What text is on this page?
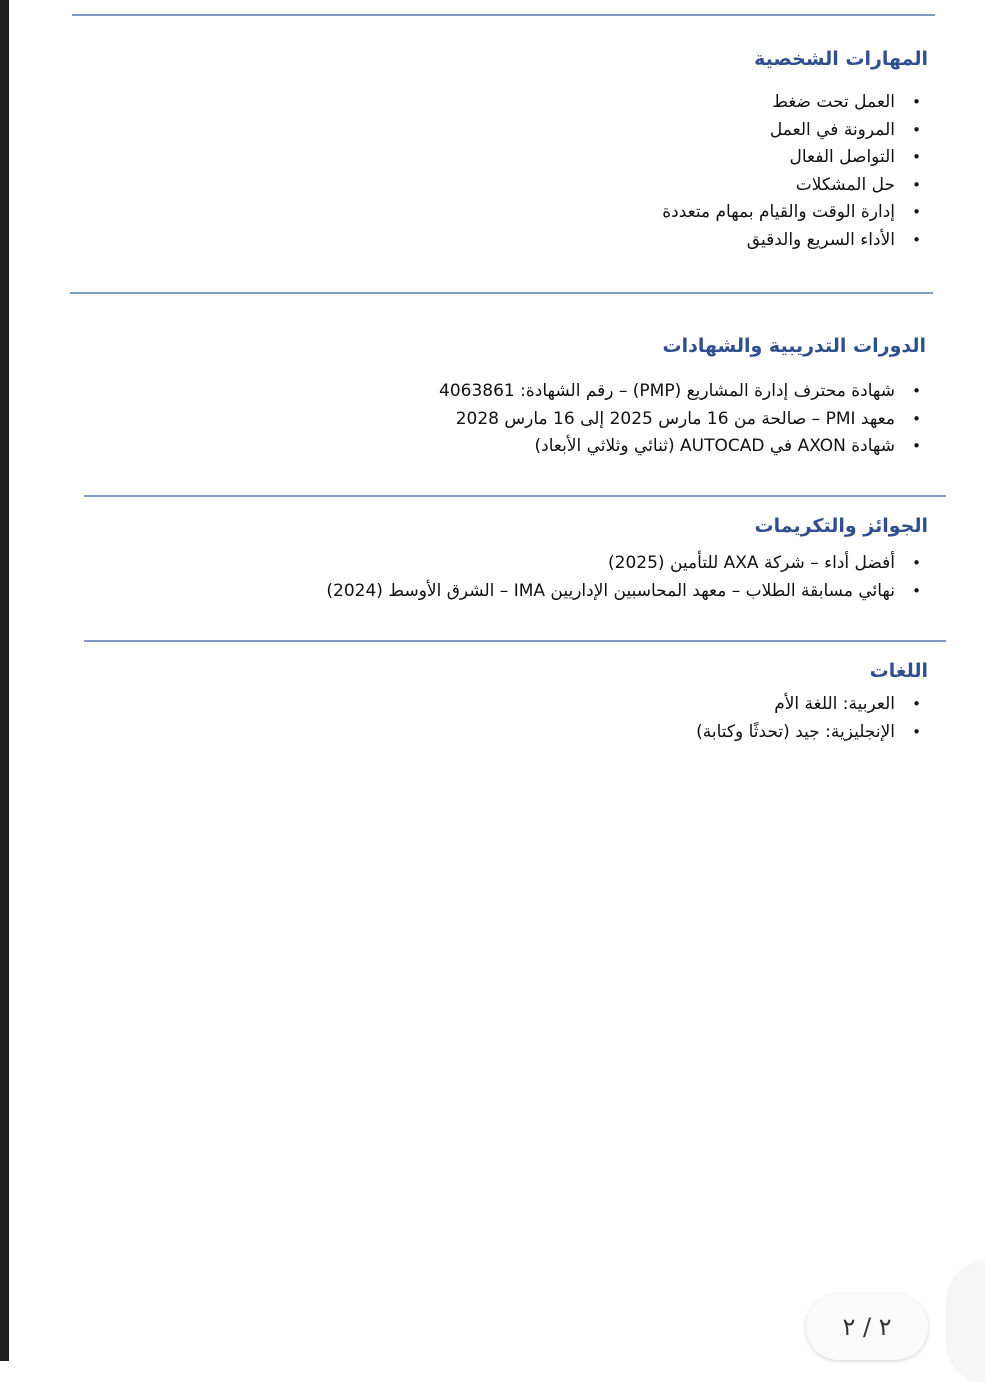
المهارات الشخصية
•
العمل تحت ضغط
•
المرونة في العمل
•
التواصل الفعال
•
حل المشكلات
•
إدارة الوقت والقيام بمهام متعددة
•
الأداء السريع والدقيق
الدورات التدريبية والشهادات
•
شهادة محترف إدارة المشاريع (PMP) – رقم الشهادة: 4063861
•
معهد PMI – صالحة من 16 مارس 2025 إلى 16 مارس 2028
•
شهادة AXON في AUTOCAD (ثنائي وثلاثي الأبعاد)
الجوائز والتكريمات
•
أفضل أداء – شركة AXA للتأمين (2025)
•
نهائي مسابقة الطلاب – معهد المحاسبين الإداريين IMA – الشرق الأوسط (2024)
اللغات
•
العربية: اللغة الأم
•
الإنجليزية: جيد (تحدثًا وكتابة)
٢ / ٢
